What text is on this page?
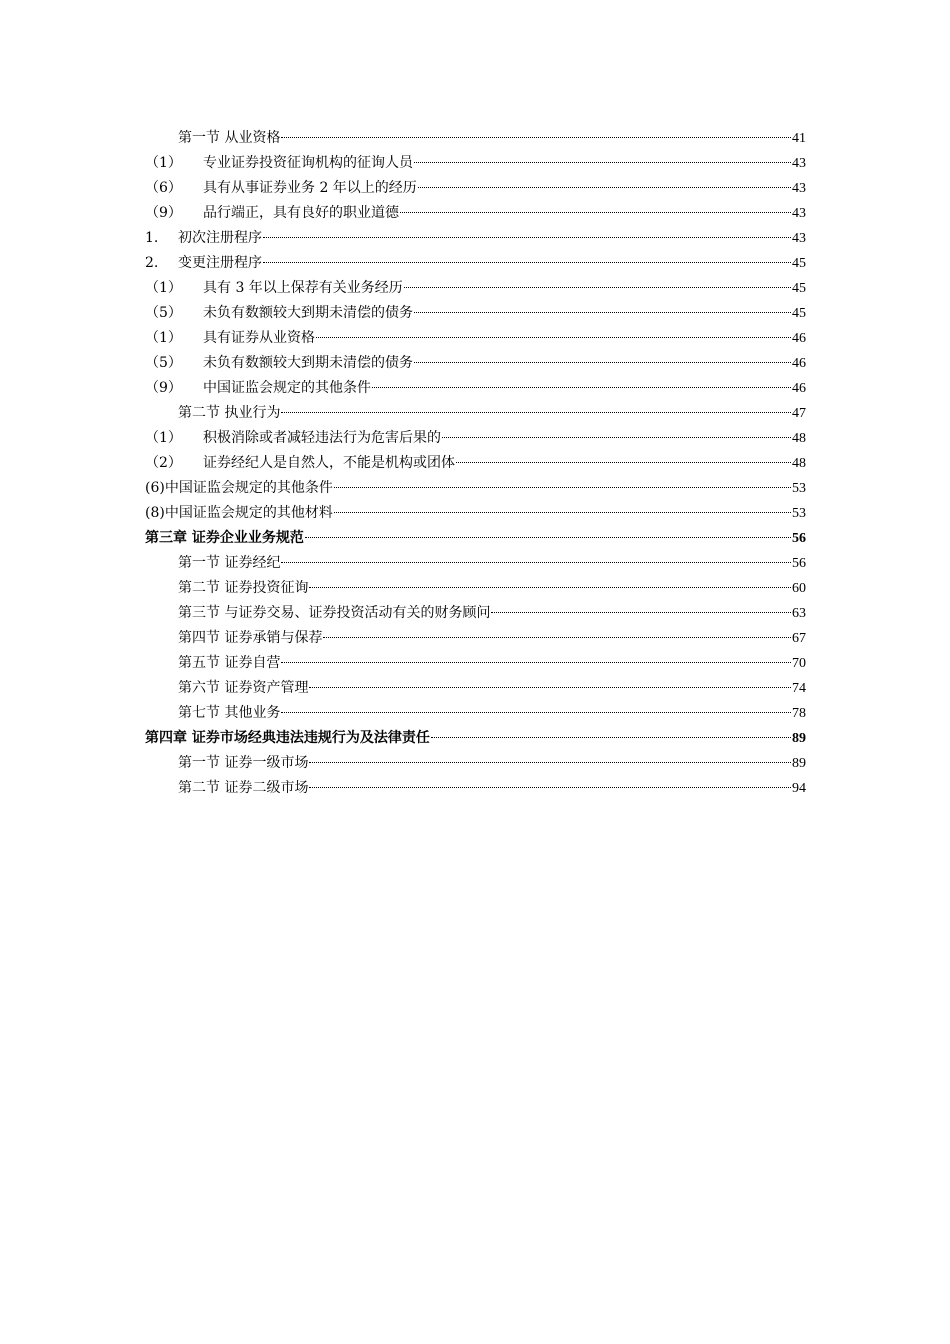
第一节 从业资格	41
（1）	专业证券投资征询机构的征询人员	43
（6）	具有从事证券业务 2 年以上的经历	43
（9）	品行端正，具有良好的职业道德	43
1.	初次注册程序	43
2.	变更注册程序	45
（1）	具有 3 年以上保荐有关业务经历	45
（5）	未负有数额较大到期未清偿的债务	45
（1）	具有证券从业资格	46
（5）	未负有数额较大到期未清偿的债务	46
（9）	中国证监会规定的其他条件	46
第二节 执业行为	47
（1）	积极消除或者减轻违法行为危害后果的	48
（2）	证券经纪人是自然人，不能是机构或团体	48
(6)中国证监会规定的其他条件	53
(8)中国证监会规定的其他材料	53
第三章 证券企业业务规范	56
第一节 证券经纪	56
第二节 证券投资征询	60
第三节 与证券交易、证券投资活动有关的财务顾问	63
第四节 证券承销与保荐	67
第五节 证券自营	70
第六节 证券资产管理	74
第七节 其他业务	78
第四章 证券市场经典违法违规行为及法律责任	89
第一节 证券一级市场	89
第二节 证券二级市场	94
